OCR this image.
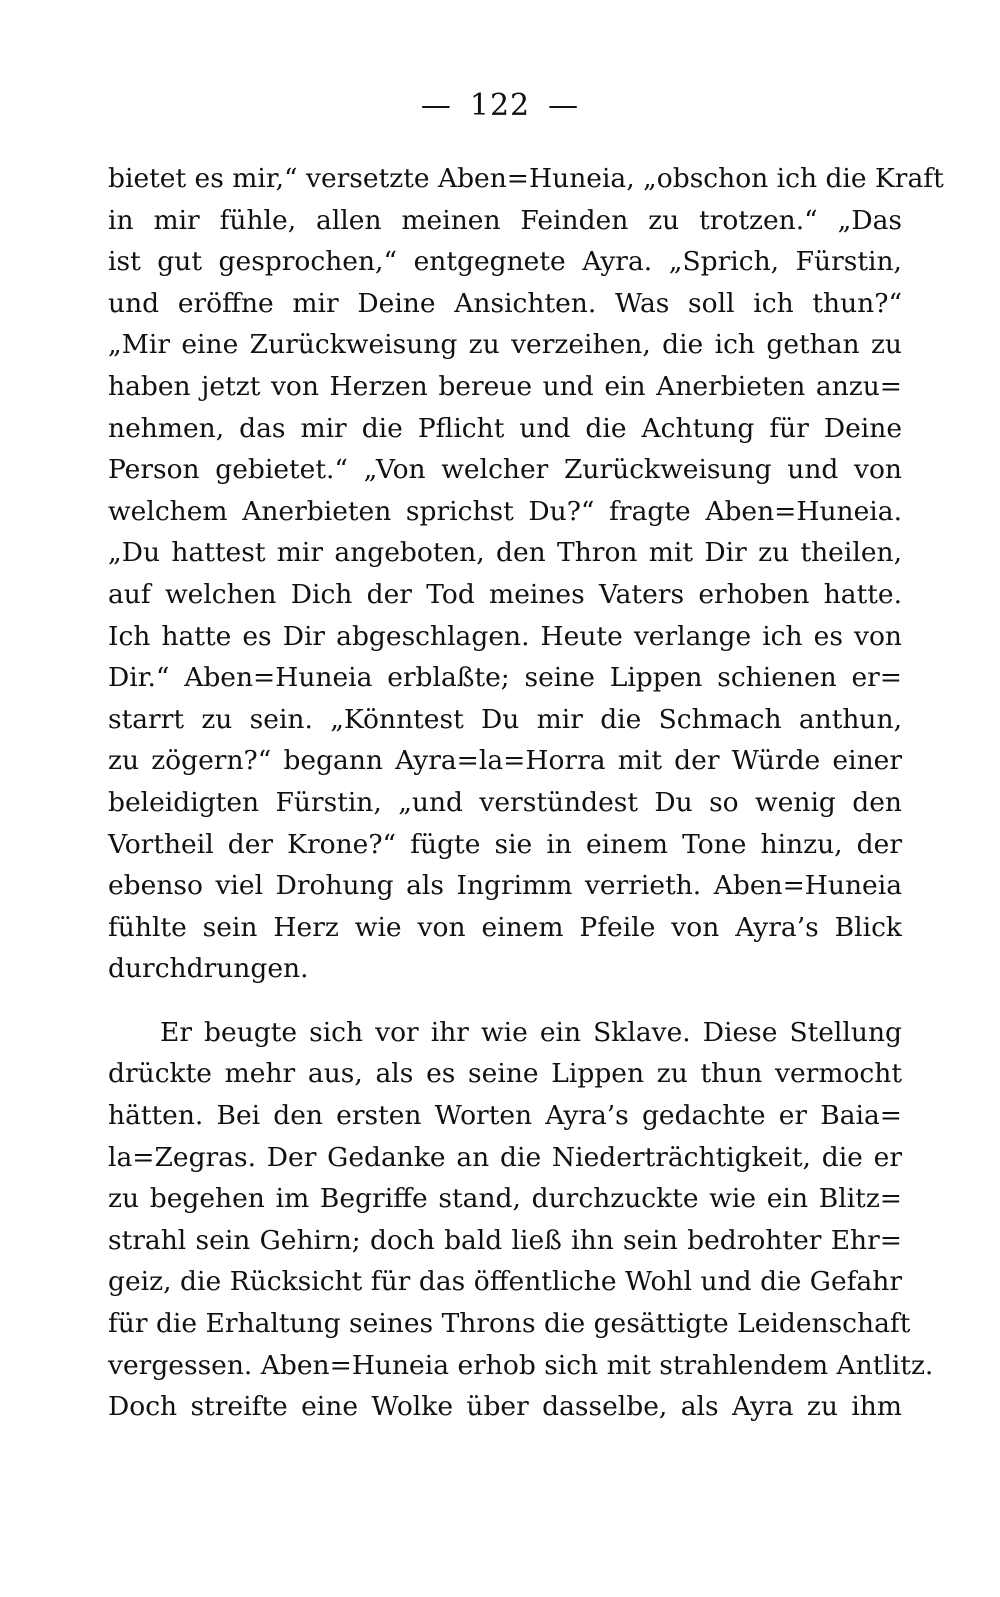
— 122 —
bietet es mir,“ versetzte Aben=Huneia, „obschon ich die Kraft
in mir fühle, allen meinen Feinden zu trotzen.“ „Das
ist gut gesprochen,“ entgegnete Ayra. „Sprich, Fürstin,
und eröffne mir Deine Ansichten. Was soll ich thun?“
„Mir eine Zurückweisung zu verzeihen, die ich gethan zu
haben jetzt von Herzen bereue und ein Anerbieten anzu=
nehmen, das mir die Pflicht und die Achtung für Deine
Person gebietet.“ „Von welcher Zurückweisung und von
welchem Anerbieten sprichst Du?“ fragte Aben=Huneia.
„Du hattest mir angeboten, den Thron mit Dir zu theilen,
auf welchen Dich der Tod meines Vaters erhoben hatte.
Ich hatte es Dir abgeschlagen. Heute verlange ich es von
Dir.“ Aben=Huneia erblaßte; seine Lippen schienen er=
starrt zu sein. „Könntest Du mir die Schmach anthun,
zu zögern?“ begann Ayra=la=Horra mit der Würde einer
beleidigten Fürstin, „und verstündest Du so wenig den
Vortheil der Krone?“ fügte sie in einem Tone hinzu, der
ebenso viel Drohung als Ingrimm verrieth. Aben=Huneia
fühlte sein Herz wie von einem Pfeile von Ayra’s Blick
durchdrungen.
Er beugte sich vor ihr wie ein Sklave. Diese Stellung
drückte mehr aus, als es seine Lippen zu thun vermocht
hätten. Bei den ersten Worten Ayra’s gedachte er Baia=
la=Zegras. Der Gedanke an die Niederträchtigkeit, die er
zu begehen im Begriffe stand, durchzuckte wie ein Blitz=
strahl sein Gehirn; doch bald ließ ihn sein bedrohter Ehr=
geiz, die Rücksicht für das öffentliche Wohl und die Gefahr
für die Erhaltung seines Throns die gesättigte Leidenschaft
vergessen. Aben=Huneia erhob sich mit strahlendem Antlitz.
Doch streifte eine Wolke über dasselbe, als Ayra zu ihm
